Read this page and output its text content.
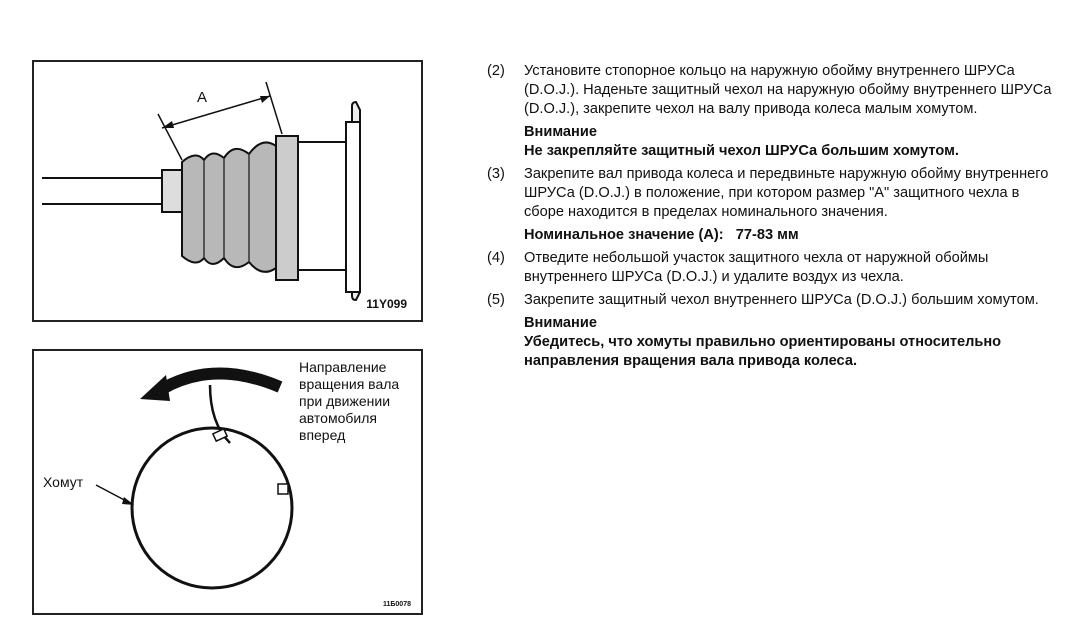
A
11Y099
Направление
вращения вала
при движении
автомобиля
вперед
Хомут
11Б0078
(2)	Установите стопорное кольцо на наружную обойму внутреннего ШРУСа (D.O.J.). Наденьте защитный чехол на наружную обойму внутреннего ШРУСа (D.O.J.), закрепите чехол на валу привода колеса малым хомутом.
Внимание
Не закрепляйте защитный чехол ШРУСа большим хомутом.
(3)	Закрепите вал привода колеса и передвиньте наружную обойму внутреннего ШРУСа (D.O.J.) в положение, при котором размер "А" защитного чехла в сборе находится в пределах номинального значения.
Номинальное значение (А):   77-83 мм
(4)	Отведите небольшой участок защитного чехла от наружной обоймы внутреннего ШРУСа (D.O.J.) и удалите воздух из чехла.
(5)	Закрепите защитный чехол внутреннего ШРУСа (D.O.J.) большим хомутом.
Внимание
Убедитесь, что хомуты правильно ориентированы относительно направления вращения вала привода колеса.
